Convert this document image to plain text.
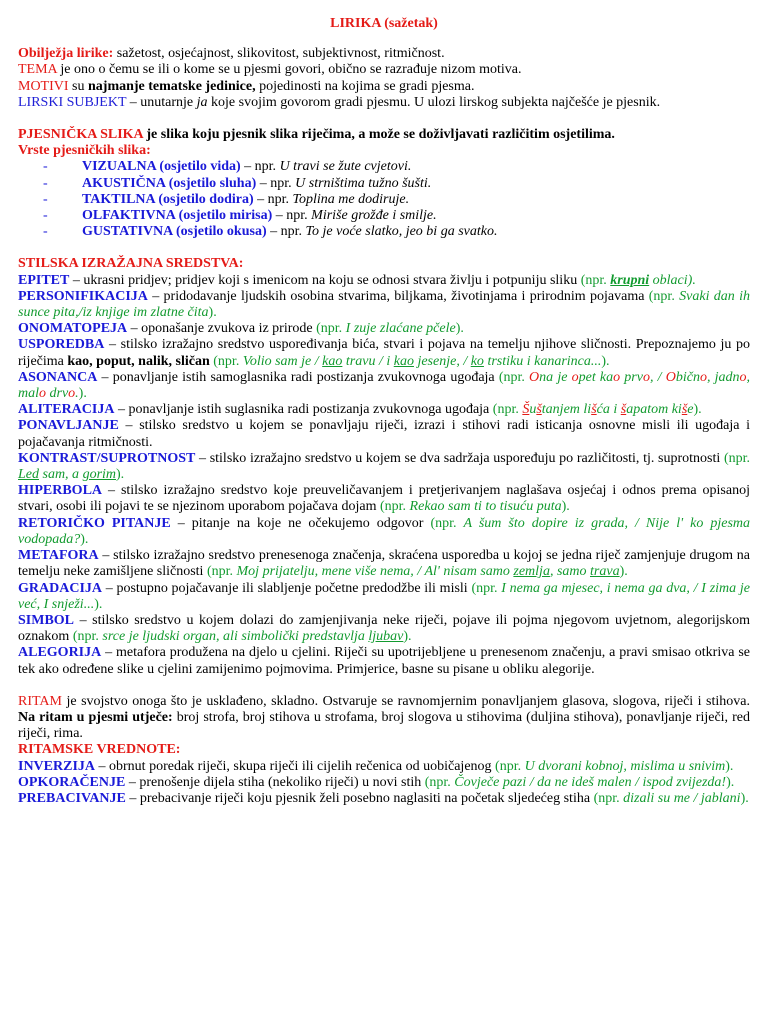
LIRIKA (sažetak)

Obilježja lirike: sažetost, osjećajnost, slikovitost, subjektivnost, ritmičnost.

TEMA je ono o čemu se ili o kome se u pjesmi govori, obično se razrađuje nizom motiva.

MOTIVI su najmanje tematske jedinice, pojedinosti na kojima se gradi pjesma.

LIRSKI SUBJEKT – unutarnje ja koje svojim govorom gradi pjesmu. U ulozi lirskog subjekta najčešće je pjesnik.

PJESNIČKA SLIKA je slika koju pjesnik slika riječima, a može se doživljavati različitim osjetilima.

Vrste pjesničkih slika:

- VIZUALNA (osjetilo vida) – npr. U travi se žute cvjetovi.
- AKUSTIČNA (osjetilo sluha) – npr. U strništima tužno šušti.
- TAKTILNA (osjetilo dodira) – npr. Toplina me dodiruje.
- OLFAKTIVNA (osjetilo mirisa) – npr. Miriše grožđe i smilje.
- GUSTATIVNA (osjetilo okusa) – npr. To je voće slatko, jeo bi ga svatko.

STILSKA IZRAŽAJNA SREDSTVA:

EPITET – ukrasni pridjev; pridjev koji s imenicom na koju se odnosi stvara življu i potpuniju sliku (npr. krupni oblaci).

PERSONIFIKACIJA – pridodavanje ljudskih osobina stvarima, biljkama, životinjama i prirodnim pojavama (npr. Svaki dan ih sunce pita,/iz knjige im zlatne čita).

ONOMATOPEJA – oponašanje zvukova iz prirode (npr. I zuje zlaćane pčele).

USPOREDBA – stilsko izražajno sredstvo uspoređivanja bića, stvari i pojava na temelju njihove sličnosti. Prepoznajemo ju po riječima kao, poput, nalik, sličan (npr. Volio sam je / kao travu / i kao jesenje, / ko trstiku i kanarinca...).

ASONANCA – ponavljanje istih samoglasnika radi postizanja zvukovnoga ugođaja (npr. Ona je opet kao prvo, / Obično, jadno, malo drvo.).

ALITERACIJA – ponavljanje istih suglasnika radi postizanja zvukovnoga ugođaja (npr. Šuštanjem lišća i šapatom kiše).

PONAVLJANJE – stilsko sredstvo u kojem se ponavljaju riječi, izrazi i stihovi radi isticanja osnovne misli ili ugođaja i pojačavanja ritmičnosti.

KONTRAST/SUPROTNOST – stilsko izražajno sredstvo u kojem se dva sadržaja uspoređuju po različitosti, tj. suprotnosti (npr. Led sam, a gorim).

HIPERBOLA – stilsko izražajno sredstvo koje preuveličavanjem i pretjerivanjem naglašava osjećaj i odnos prema opisanoj stvari, osobi ili pojavi te se njezinom uporabom pojačava dojam (npr. Rekao sam ti to tisuću puta).

RETORIČKO PITANJE – pitanje na koje ne očekujemo odgovor (npr. A šum što dopire iz grada, / Nije l' ko pjesma vodopada?).

METAFORA – stilsko izražajno sredstvo prenesenoga značenja, skraćena usporedba u kojoj se jedna riječ zamjenjuje drugom na temelju neke zamišljene sličnosti (npr. Moj prijatelju, mene više nema, / Al' nisam samo zemlja, samo trava).

GRADACIJA – postupno pojačavanje ili slabljenje početne predodžbe ili misli (npr. I nema ga mjesec, i nema ga dva, / I zima je već, I snježi...).

SIMBOL – stilsko sredstvo u kojem dolazi do zamjenjivanja neke riječi, pojave ili pojma njegovom uvjetnom, alegorijskom oznakom (npr. srce je ljudski organ, ali simbolički predstavlja ljubav).

ALEGORIJA – metafora produžena na djelo u cjelini. Riječi su upotrijebljene u prenesenom značenju, a pravi smisao otkriva se tek ako određene slike u cjelini zamijenimo pojmovima. Primjerice, basne su pisane u obliku alegorije.

RITAM je svojstvo onoga što je usklađeno, skladno. Ostvaruje se ravnomjernim ponavljanjem glasova, slogova, riječi i stihova. Na ritam u pjesmi utječe: broj strofa, broj stihova u strofama, broj slogova u stihovima (duljina stihova), ponavljanje riječi, red riječi, rima.

RITAMSKE VREDNOTE:

INVERZIJA – obrnut poredak riječi, skupa riječi ili cijelih rečenica od uobičajenog (npr. U dvorani kobnoj, mislima u snivim).

OPKORAČENJE – prenošenje dijela stiha (nekoliko riječi) u novi stih (npr. Čovječe pazi / da ne ideš malen / ispod zvijezda!).

PREBACIVANJE – prebacivanje riječi koju pjesnik želi posebno naglasiti na početak sljedećeg stiha (npr. dizali su me / jablani).
